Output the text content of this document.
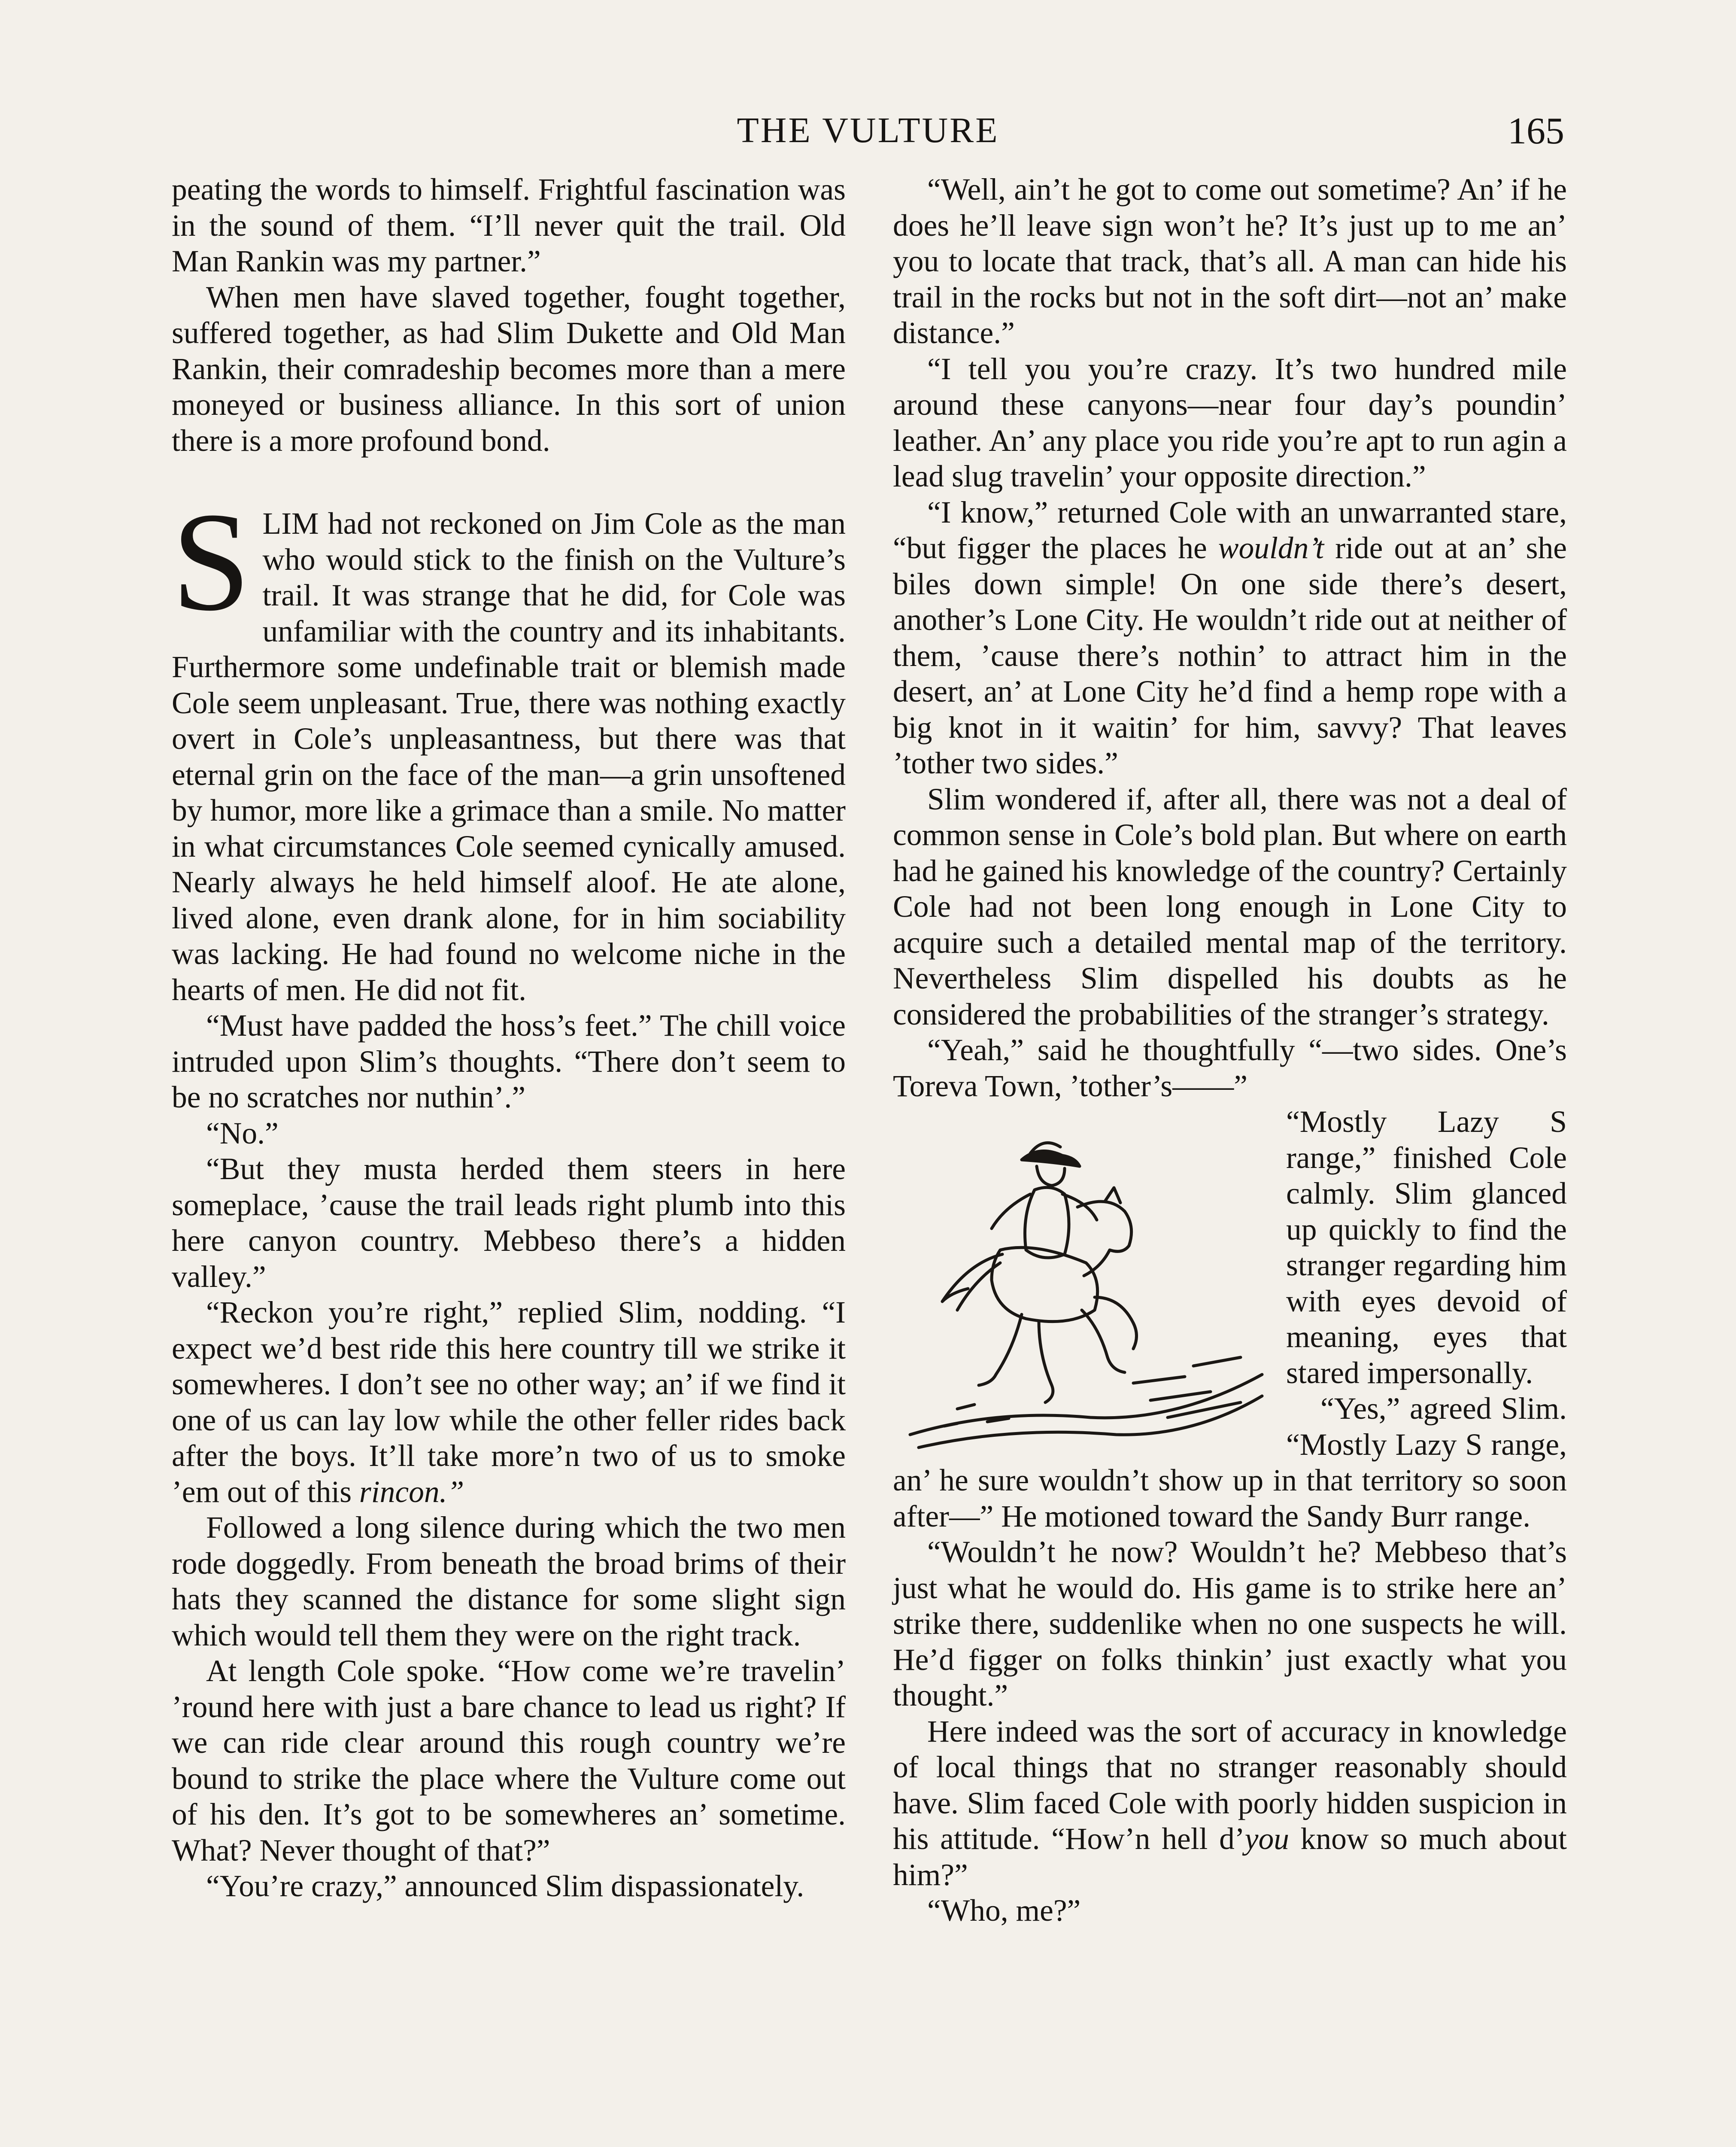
THE VULTURE	165

peating the words to himself. Frightful fascination was in the sound of them. “I’ll never quit the trail. Old Man Rankin was my partner.”

When men have slaved together, fought together, suffered together, as had Slim Dukette and Old Man Rankin, their comradeship becomes more than a mere moneyed or business alliance. In this sort of union there is a more profound bond.

SLIM had not reckoned on Jim Cole as the man who would stick to the finish on the Vulture’s trail. It was strange that he did, for Cole was unfamiliar with the country and its inhabitants. Furthermore some undefinable trait or blemish made Cole seem unpleasant. True, there was nothing exactly overt in Cole’s unpleasantness, but there was that eternal grin on the face of the man—a grin unsoftened by humor, more like a grimace than a smile. No matter in what circumstances Cole seemed cynically amused. Nearly always he held himself aloof. He ate alone, lived alone, even drank alone, for in him sociability was lacking. He had found no welcome niche in the hearts of men. He did not fit.

“Must have padded the hoss’s feet.” The chill voice intruded upon Slim’s thoughts. “There don’t seem to be no scratches nor nuthin’.”

“No.”

“But they musta herded them steers in here someplace, ’cause the trail leads right plumb into this here canyon country. Mebbeso there’s a hidden valley.”

“Reckon you’re right,” replied Slim, nodding. “I expect we’d best ride this here country till we strike it somewheres. I don’t see no other way; an’ if we find it one of us can lay low while the other feller rides back after the boys. It’ll take more’n two of us to smoke ’em out of this rincon.”

Followed a long silence during which the two men rode doggedly. From beneath the broad brims of their hats they scanned the distance for some slight sign which would tell them they were on the right track.

At length Cole spoke. “How come we’re travelin’ ’round here with just a bare chance to lead us right? If we can ride clear around this rough country we’re bound to strike the place where the Vulture come out of his den. It’s got to be somewheres an’ sometime. What? Never thought of that?”

“You’re crazy,” announced Slim dispassionately.

“Well, ain’t he got to come out sometime? An’ if he does he’ll leave sign won’t he? It’s just up to me an’ you to locate that track, that’s all. A man can hide his trail in the rocks but not in the soft dirt—not an’ make distance.”

“I tell you you’re crazy. It’s two hundred mile around these canyons—near four day’s poundin’ leather. An’ any place you ride you’re apt to run agin a lead slug travelin’ your opposite direction.”

“I know,” returned Cole with an unwarranted stare, “but figger the places he wouldn’t ride out at an’ she biles down simple! On one side there’s desert, another’s Lone City. He wouldn’t ride out at neither of them, ’cause there’s nothin’ to attract him in the desert, an’ at Lone City he’d find a hemp rope with a big knot in it waitin’ for him, savvy? That leaves ’tother two sides.”

Slim wondered if, after all, there was not a deal of common sense in Cole’s bold plan. But where on earth had he gained his knowledge of the country? Certainly Cole had not been long enough in Lone City to acquire such a detailed mental map of the territory. Nevertheless Slim dispelled his doubts as he considered the probabilities of the stranger’s strategy.

“Yeah,” said he thoughtfully “—two sides. One’s Toreva Town, ’tother’s——”

“Mostly Lazy S range,” finished Cole calmly. Slim glanced up quickly to find the stranger regarding him with eyes devoid of meaning, eyes that stared impersonally.

“Yes,” agreed Slim. “Mostly Lazy S range, an’ he sure wouldn’t show up in that territory so soon after—” He motioned toward the Sandy Burr range.

“Wouldn’t he now? Wouldn’t he? Mebbeso that’s just what he would do. His game is to strike here an’ strike there, suddenlike when no one suspects he will. He’d figger on folks thinkin’ just exactly what you thought.”

Here indeed was the sort of accuracy in knowledge of local things that no stranger reasonably should have. Slim faced Cole with poorly hidden suspicion in his attitude. “How’n hell d’you know so much about him?”

“Who, me?”
